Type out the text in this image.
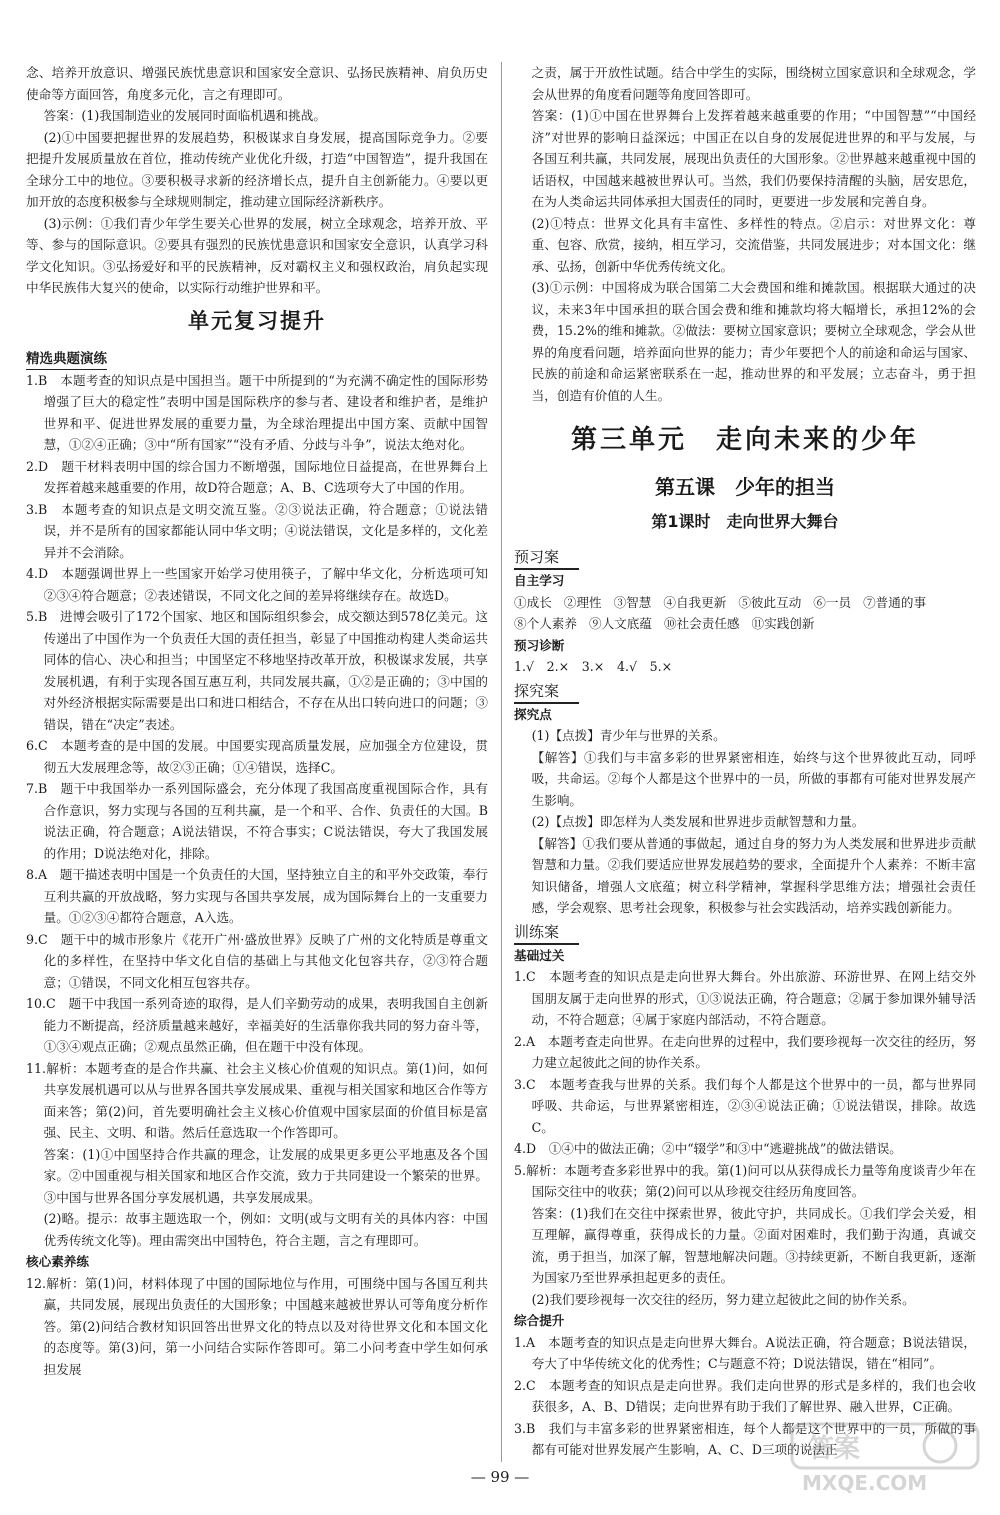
念、培养开放意识、增强民族忧患意识和国家安全意识、弘扬民族精神、肩负历史使命等方面回答，角度多元化，言之有理即可。

答案：(1)我国制造业的发展同时面临机遇和挑战。

(2)①中国要把握世界的发展趋势，积极谋求自身发展，提高国际竞争力。②要把提升发展质量放在首位，推动传统产业优化升级，打造“中国智造”，提升我国在全球分工中的地位。③要积极寻求新的经济增长点，提升自主创新能力。④要以更加开放的态度积极参与全球规则制定，推动建立国际经济新秩序。

(3)示例：①我们青少年学生要关心世界的发展，树立全球观念，培养开放、平等、参与的国际意识。②要具有强烈的民族忧患意识和国家安全意识，认真学习科学文化知识。③弘扬爱好和平的民族精神，反对霸权主义和强权政治，肩负起实现中华民族伟大复兴的使命，以实际行动维护世界和平。

单元复习提升
精选典题演练

1.B　本题考查的知识点是中国担当。题干中所提到的“为充满不确定性的国际形势增强了巨大的稳定性”表明中国是国际秩序的参与者、建设者和维护者，是维护世界和平、促进世界发展的重要力量，为全球治理提出中国方案、贡献中国智慧，①②④正确；③中“所有国家”“没有矛盾、分歧与斗争”，说法太绝对化。

2.D　题干材料表明中国的综合国力不断增强，国际地位日益提高，在世界舞台上发挥着越来越重要的作用，故D符合题意；A、B、C选项夸大了中国的作用。

3.B　本题考查的知识点是文明交流互鉴。②③说法正确，符合题意；①说法错误，并不是所有的国家都能认同中华文明；④说法错误，文化是多样的，文化差异并不会消除。

4.D　本题强调世界上一些国家开始学习使用筷子，了解中华文化，分析选项可知②③④符合题意；②表述错误，不同文化之间的差异将继续存在。故选D。

5.B　进博会吸引了172个国家、地区和国际组织参会，成交额达到578亿美元。这传递出了中国作为一个负责任大国的责任担当，彰显了中国推动构建人类命运共同体的信心、决心和担当；中国坚定不移地坚持改革开放，积极谋求发展，共享发展机遇，有利于实现各国互惠互利，共同发展共赢，①②是正确的；③中国的对外经济根据实际需要是出口和进口相结合，不存在从出口转向进口的问题；③错误，错在“决定”表述。

6.C　本题考查的是中国的发展。中国要实现高质量发展，应加强全方位建设，贯彻五大发展理念等，故②③正确；①④错误，选择C。

7.B　题干中我国举办一系列国际盛会，充分体现了我国高度重视国际合作，具有合作意识，努力实现与各国的互利共赢，是一个和平、合作、负责任的大国。B说法正确，符合题意；A说法错误，不符合事实；C说法错误，夸大了我国发展的作用；D说法绝对化，排除。

8.A　题干描述表明中国是一个负责任的大国，坚持独立自主的和平外交政策，奉行互利共赢的开放战略，努力实现与各国共享发展，成为国际舞台上的一支重要力量。①②③④都符合题意，A入选。

9.C　题干中的城市形象片《花开广州·盛放世界》反映了广州的文化特质是尊重文化的多样性，在坚持中华文化自信的基础上与其他文化包容共存，②③符合题意；①错误，不同文化相互包容共存。

10.C　题干中我国一系列奇迹的取得，是人们辛勤劳动的成果，表明我国自主创新能力不断提高，经济质量越来越好，幸福美好的生活靠你我共同的努力奋斗等，①③④观点正确；②观点虽然正确，但在题干中没有体现。

11.解析：本题考查的是合作共赢、社会主义核心价值观的知识点。第(1)问，如何共享发展机遇可以从与世界各国共享发展成果、重视与相关国家和地区合作等方面来答；第(2)问，首先要明确社会主义核心价值观中国家层面的价值目标是富强、民主、文明、和谐。然后任意选取一个作答即可。

答案：(1)①中国坚持合作共赢的理念，让发展的成果更多更公平地惠及各个国家。②中国重视与相关国家和地区合作交流，致力于共同建设一个繁荣的世界。③中国与世界各国分享发展机遇，共享发展成果。

(2)略。提示：故事主题选取一个，例如：文明(或与文明有关的具体内容：中国优秀传统文化等)。理由需突出中国特色，符合主题，言之有理即可。

核心素养练

12.解析：第(1)问，材料体现了中国的国际地位与作用，可围绕中国与各国互利共赢，共同发展，展现出负责任的大国形象；中国越来越被世界认可等角度分析作答。第(2)问结合教材知识回答出世界文化的特点以及对待世界文化和本国文化的态度等。第(3)问，第一小问结合实际作答即可。第二小问考查中学生如何承担发展

之责，属于开放性试题。结合中学生的实际，围绕树立国家意识和全球观念，学会从世界的角度看问题等角度回答即可。

答案：(1)①中国在世界舞台上发挥着越来越重要的作用；“中国智慧”“中国经济”对世界的影响日益深远；中国正在以自身的发展促进世界的和平与发展，与各国互利共赢，共同发展，展现出负责任的大国形象。②世界越来越重视中国的话语权，中国越来越被世界认可。当然，我们仍要保持清醒的头脑，居安思危，在为人类命运共同体承担大国责任的同时，更要进一步发展和完善自身。

(2)①特点：世界文化具有丰富性、多样性的特点。②启示：对世界文化：尊重、包容、欣赏，接纳，相互学习，交流借鉴，共同发展进步；对本国文化：继承、弘扬，创新中华优秀传统文化。

(3)①示例：中国将成为联合国第二大会费国和维和摊款国。根据联大通过的决议，未来3年中国承担的联合国会费和维和摊款均将大幅增长，承担12%的会费，15.2%的维和摊款。②做法：要树立国家意识；要树立全球观念，学会从世界的角度看问题，培养面向世界的能力；青少年要把个人的前途和命运与国家、民族的前途和命运紧密联系在一起，推动世界的和平发展；立志奋斗，勇于担当，创造有价值的人生。

第三单元　走向未来的少年
第五课　少年的担当
第1课时　走向世界大舞台
预习案
自主学习
①成长 ②理性 ③智慧 ④自我更新 ⑤彼此互动 ⑥一员 ⑦普通的事
⑧个人素养 ⑨人文底蕴 ⑩社会责任感 ⑪实践创新
预习诊断

1.√　2.×　3.×　4.√　5.×

探究案
探究点

(1)【点拨】青少年与世界的关系。

【解答】①我们与丰富多彩的世界紧密相连，始终与这个世界彼此互动，同呼吸，共命运。②每个人都是这个世界中的一员，所做的事都有可能对世界发展产生影响。

(2)【点拨】即怎样为人类发展和世界进步贡献智慧和力量。

【解答】①我们要从普通的事做起，通过自身的努力为人类发展和世界进步贡献智慧和力量。②我们要适应世界发展趋势的要求，全面提升个人素养：不断丰富知识储备，增强人文底蕴；树立科学精神，掌握科学思维方法；增强社会责任感，学会观察、思考社会现象，积极参与社会实践活动，培养实践创新能力。

训练案
基础过关

1.C　本题考查的知识点是走向世界大舞台。外出旅游、环游世界、在网上结交外国朋友属于走向世界的形式，①③说法正确，符合题意；②属于参加课外辅导活动，不符合题意；④属于家庭内部活动，不符合题意。

2.A　本题考查走向世界。在走向世界的过程中，我们要珍视每一次交往的经历，努力建立起彼此之间的协作关系。

3.C　本题考查我与世界的关系。我们每个人都是这个世界中的一员，都与世界同呼吸、共命运，与世界紧密相连，②③④说法正确；①说法错误，排除。故选C。

4.D　①④中的做法正确；②中“辍学”和③中“逃避挑战”的做法错误。

5.解析：本题考查多彩世界中的我。第(1)问可以从获得成长力量等角度谈青少年在国际交往中的收获；第(2)问可以从珍视交往经历角度回答。

答案：(1)我们在交往中探索世界，彼此守护，共同成长。①我们学会关爱，相互理解，赢得尊重，获得成长的力量。②面对困难时，我们勤于沟通，真诚交流，勇于担当，加深了解，智慧地解决问题。③持续更新，不断自我更新，逐渐为国家乃至世界承担起更多的责任。

(2)我们要珍视每一次交往的经历，努力建立起彼此之间的协作关系。

综合提升

1.A　本题考查的知识点是走向世界大舞台。A说法正确，符合题意；B说法错误，夸大了中华传统文化的优秀性；C与题意不符；D说法错误，错在“相同”。

2.C　本题考查的知识点是走向世界。我们走向世界的形式是多样的，我们也会收获很多，A、B、D错误；走向世界有助于我们了解世界、融入世界，C正确。

3.B　我们与丰富多彩的世界紧密相连，每个人都是这个世界中的一员，所做的事都有可能对世界发展产生影响，A、C、D三项的说法正

— 99 —
答案
MXQE.COM
